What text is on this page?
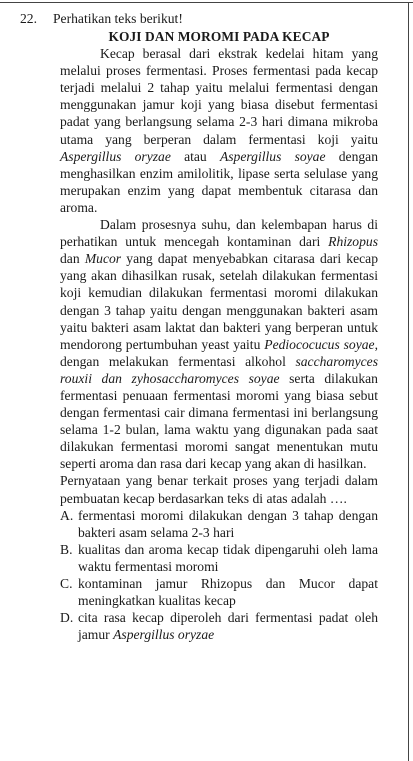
22. Perhatikan teks berikut!
KOJI DAN MOROMI PADA KECAP

Kecap berasal dari ekstrak kedelai hitam yang melalui proses fermentasi. Proses fermentasi pada kecap terjadi melalui 2 tahap yaitu melalui fermentasi dengan menggunakan jamur koji yang biasa disebut fermentasi padat yang berlangsung selama 2-3 hari dimana mikroba utama yang berperan dalam fermentasi koji yaitu Aspergillus oryzae atau Aspergillus soyae dengan menghasilkan enzim amilolitik, lipase serta selulase yang merupakan enzim yang dapat membentuk citarasa dan aroma.

Dalam prosesnya suhu, dan kelembapan harus di perhatikan untuk mencegah kontaminan dari Rhizopus dan Mucor yang dapat menyebabkan citarasa dari kecap yang akan dihasilkan rusak, setelah dilakukan fermentasi koji kemudian dilakukan fermentasi moromi dilakukan dengan 3 tahap yaitu dengan menggunakan bakteri asam yaitu bakteri asam laktat dan bakteri yang berperan untuk mendorong pertumbuhan yeast yaitu Pediococucus soyae, dengan melakukan fermentasi alkohol saccharomyces rouxii dan zyhosaccharomyces soyae serta dilakukan fermentasi penuaan fermentasi moromi yang biasa sebut dengan fermentasi cair dimana fermentasi ini berlangsung selama 1-2 bulan, lama waktu yang digunakan pada saat dilakukan fermentasi moromi sangat menentukan mutu seperti aroma dan rasa dari kecap yang akan di hasilkan.

Pernyataan yang benar terkait proses yang terjadi dalam pembuatan kecap berdasarkan teks di atas adalah ….

A. fermentasi moromi dilakukan dengan 3 tahap dengan bakteri asam selama 2-3 hari
B. kualitas dan aroma kecap tidak dipengaruhi oleh lama waktu fermentasi moromi
C. kontaminan jamur Rhizopus dan Mucor dapat meningkatkan kualitas kecap
D. cita rasa kecap diperoleh dari fermentasi padat oleh jamur Aspergillus oryzae
